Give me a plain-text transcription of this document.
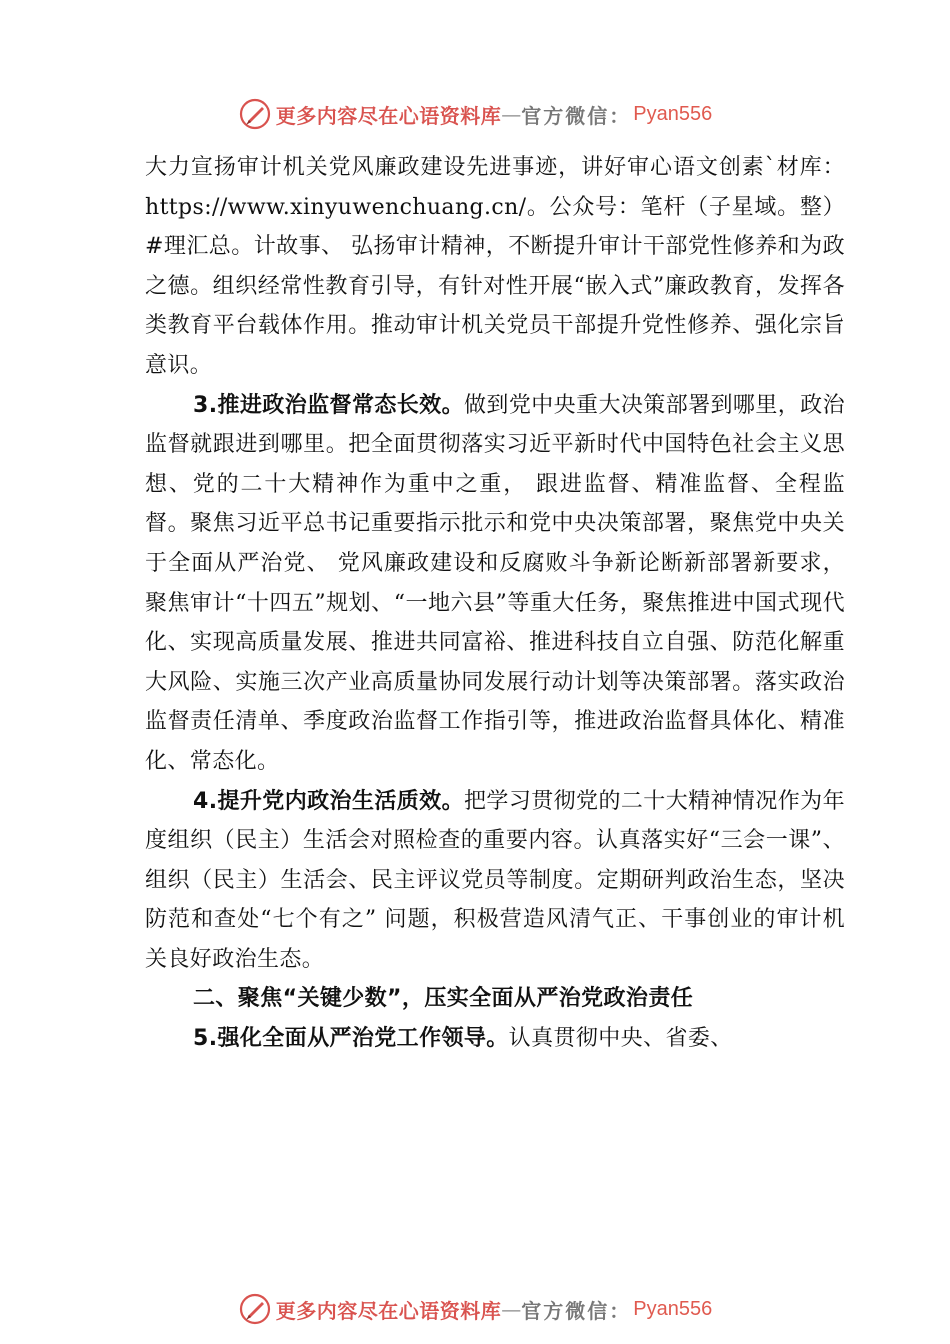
更多内容尽在心语资料库 — 官方微信： Pyan556

大力宣扬审计机关党风廉政建设先进事迹，讲好审心语文创素`材库：https://www.xinyuwenchuang.cn/。公众号：笔杆（子星域。整）#理汇总。计故事、 弘扬审计精神，不断提升审计干部党性修养和为政之德。组织经常性教育引导，有针对性开展“嵌入式”廉政教育，发挥各类教育平台载体作用。推动审计机关党员干部提升党性修养、强化宗旨意识。

3.推进政治监督常态长效。做到党中央重大决策部署到哪里，政治监督就跟进到哪里。把全面贯彻落实习近平新时代中国特色社会主义思想、党的二十大精神作为重中之重， 跟进监督、精准监督、全程监督。聚焦习近平总书记重要指示批示和党中央决策部署，聚焦党中央关于全面从严治党、 党风廉政建设和反腐败斗争新论断新部署新要求，聚焦审计“十四五”规划、“一地六县”等重大任务，聚焦推进中国式现代化、实现高质量发展、推进共同富裕、推进科技自立自强、防范化解重大风险、实施三次产业高质量协同发展行动计划等决策部署。落实政治监督责任清单、季度政治监督工作指引等，推进政治监督具体化、精准化、常态化。

4.提升党内政治生活质效。把学习贯彻党的二十大精神情况作为年度组织（民主）生活会对照检查的重要内容。认真落实好“三会一课”、组织（民主）生活会、民主评议党员等制度。定期研判政治生态，坚决防范和查处“七个有之” 问题，积极营造风清气正、干事创业的审计机关良好政治生态。

二、聚焦“关键少数”，压实全面从严治党政治责任

5.强化全面从严治党工作领导。认真贯彻中央、省委、

更多内容尽在心语资料库 — 官方微信： Pyan556
